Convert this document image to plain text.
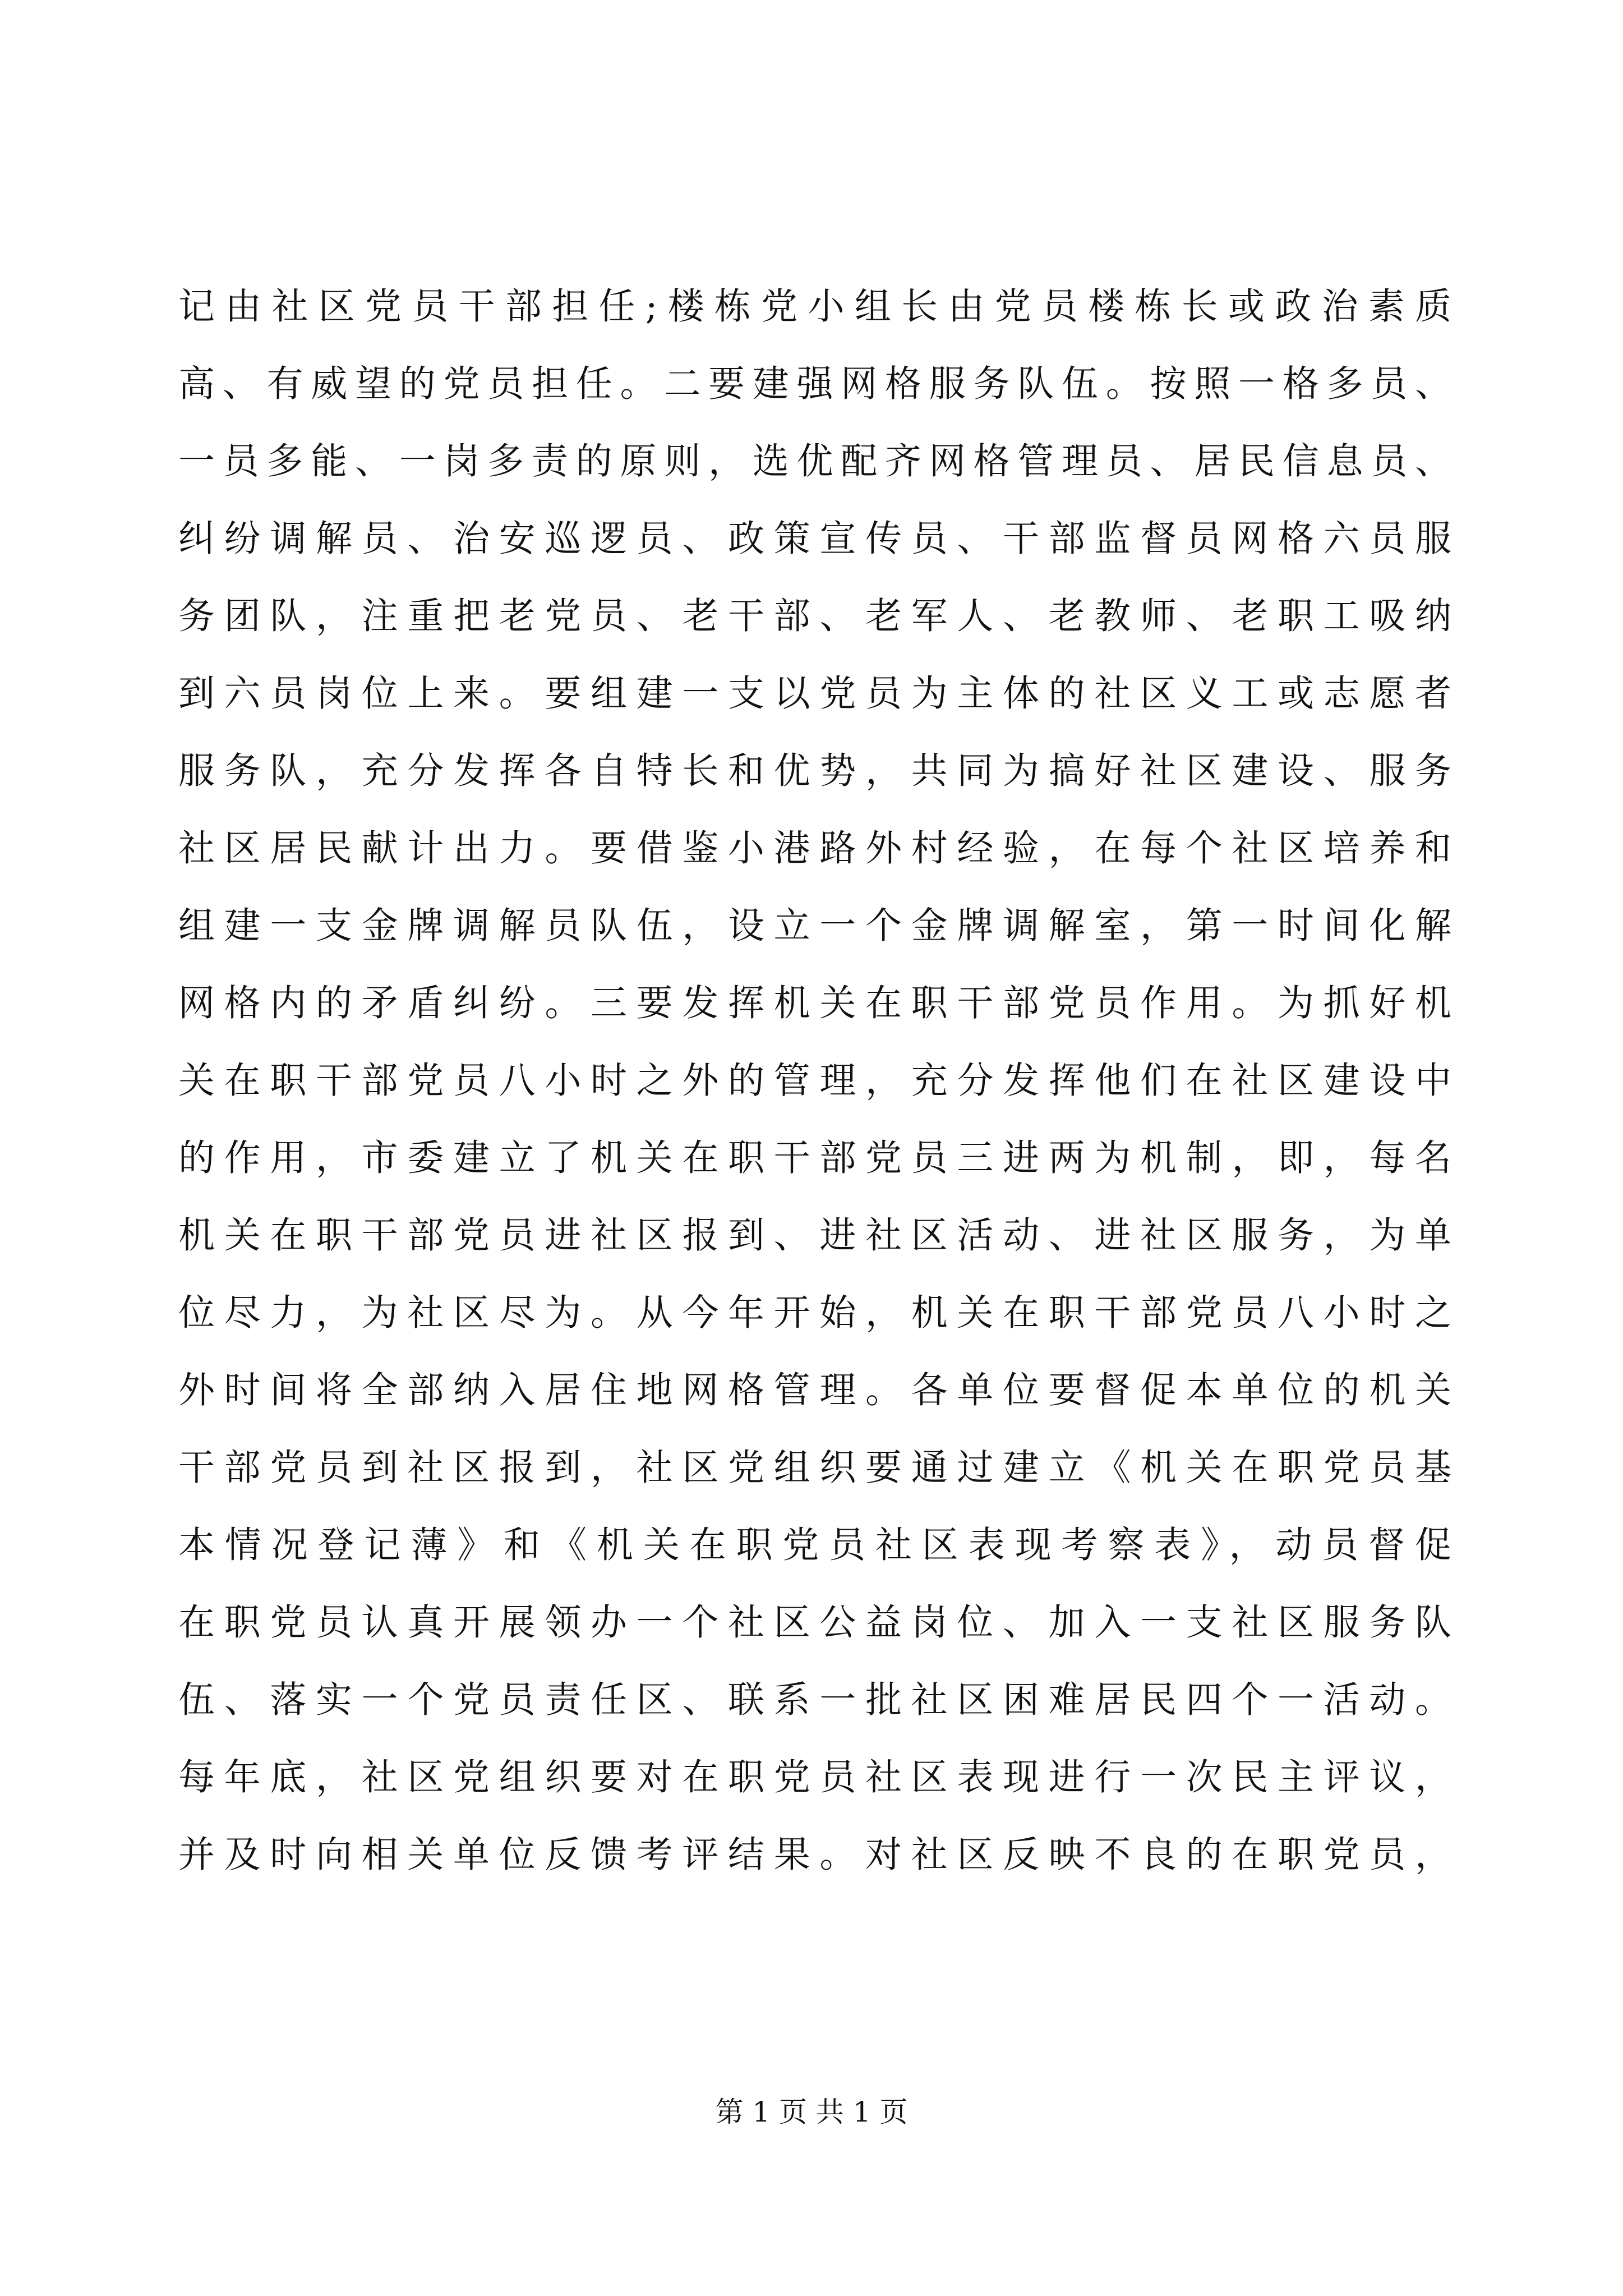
记由社区党员干部担任;楼栋党小组长由党员楼栋长或政治素质
高、有威望的党员担任。二要建强网格服务队伍。按照一格多员、
一员多能、一岗多责的原则，选优配齐网格管理员、居民信息员、
纠纷调解员、治安巡逻员、政策宣传员、干部监督员网格六员服
务团队，注重把老党员、老干部、老军人、老教师、老职工吸纳
到六员岗位上来。要组建一支以党员为主体的社区义工或志愿者
服务队，充分发挥各自特长和优势，共同为搞好社区建设、服务
社区居民献计出力。要借鉴小港路外村经验，在每个社区培养和
组建一支金牌调解员队伍，设立一个金牌调解室，第一时间化解
网格内的矛盾纠纷。三要发挥机关在职干部党员作用。为抓好机
关在职干部党员八小时之外的管理，充分发挥他们在社区建设中
的作用，市委建立了机关在职干部党员三进两为机制，即，每名
机关在职干部党员进社区报到、进社区活动、进社区服务，为单
位尽力，为社区尽为。从今年开始，机关在职干部党员八小时之
外时间将全部纳入居住地网格管理。各单位要督促本单位的机关
干部党员到社区报到，社区党组织要通过建立《机关在职党员基
本情况登记薄》和《机关在职党员社区表现考察表》，动员督促
在职党员认真开展领办一个社区公益岗位、加入一支社区服务队
伍、落实一个党员责任区、联系一批社区困难居民四个一活动。
每年底，社区党组织要对在职党员社区表现进行一次民主评议，
并及时向相关单位反馈考评结果。对社区反映不良的在职党员，
第 1 页 共 1 页
